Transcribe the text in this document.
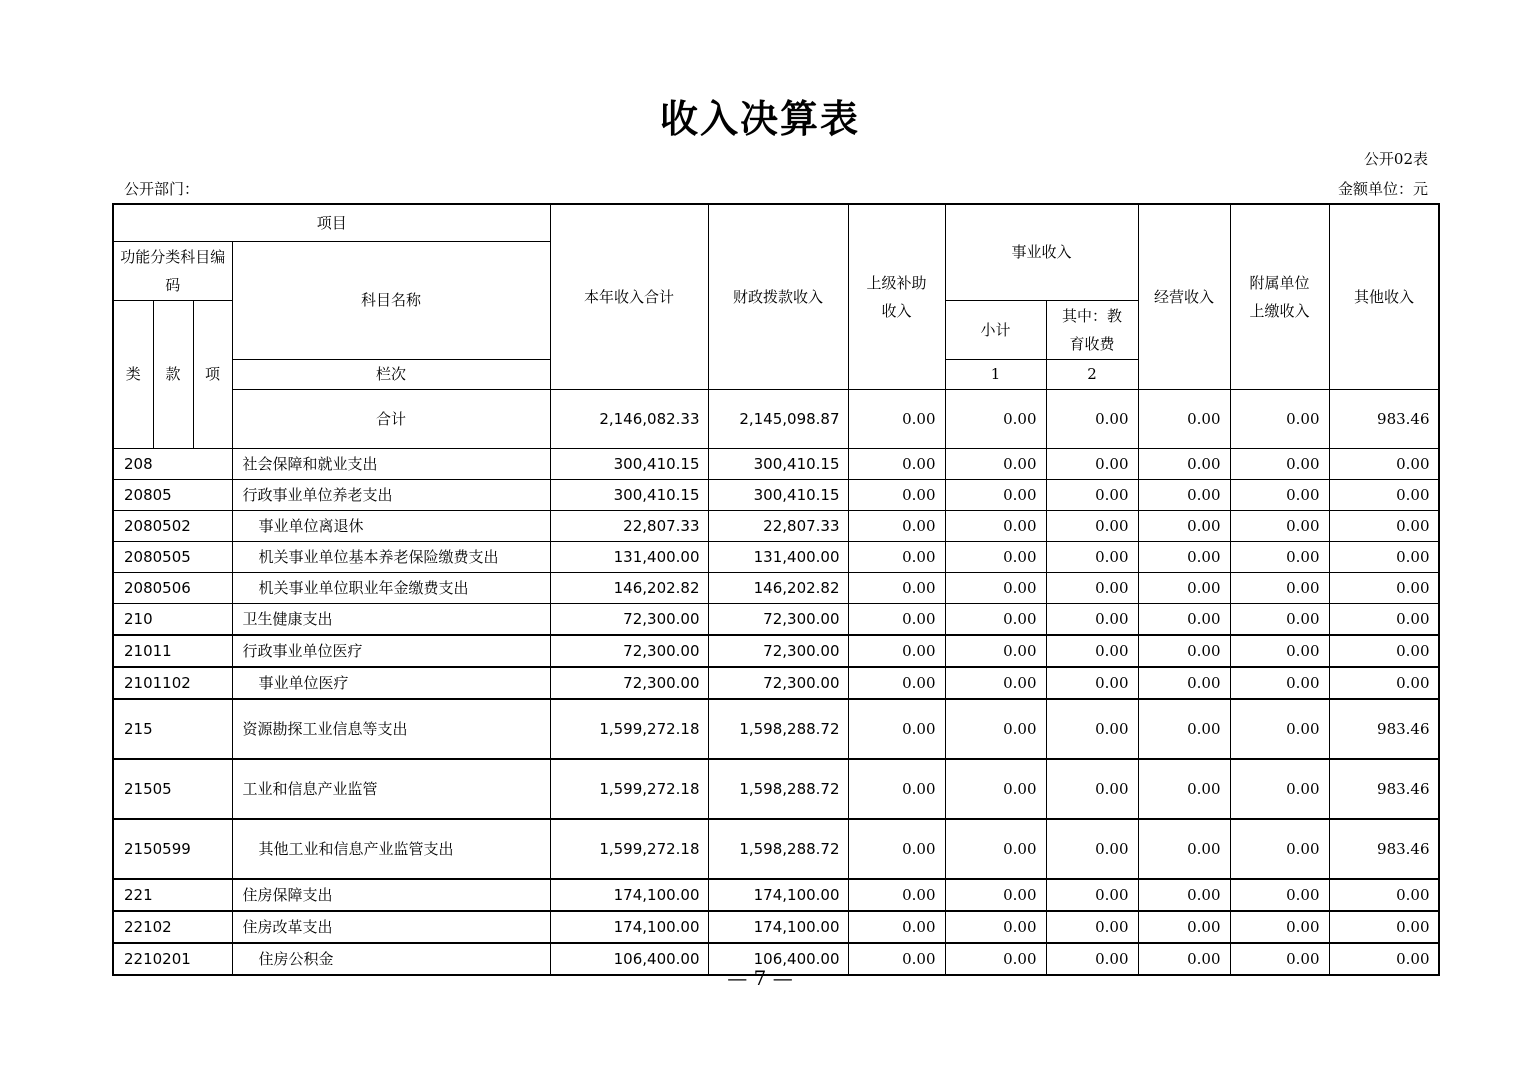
收入决算表
公开02表
公开部门：	金额单位：元
项目				本年收入合计	财政拨款收入	上级补助收入	事业收入		经营收入	附属单位上缴收入	其他收入	
功能分类科目编码			科目名称									
类	款	项					小计	其中：教育收费				
			栏次				1	2					
			合计	2,146,082.33	2,145,098.87	0.00	0.00	0.00	0.00	0.00	983.46	
208			社会保障和就业支出	300,410.15	300,410.15	0.00	0.00	0.00	0.00	0.00	0.00	
20805			行政事业单位养老支出	300,410.15	300,410.15	0.00	0.00	0.00	0.00	0.00	0.00	
2080502			事业单位离退休	22,807.33	22,807.33	0.00	0.00	0.00	0.00	0.00	0.00	
2080505			机关事业单位基本养老保险缴费支出	131,400.00	131,400.00	0.00	0.00	0.00	0.00	0.00	0.00	
2080506			机关事业单位职业年金缴费支出	146,202.82	146,202.82	0.00	0.00	0.00	0.00	0.00	0.00	
210			卫生健康支出	72,300.00	72,300.00	0.00	0.00	0.00	0.00	0.00	0.00	
21011			行政事业单位医疗	72,300.00	72,300.00	0.00	0.00	0.00	0.00	0.00	0.00	
2101102			事业单位医疗	72,300.00	72,300.00	0.00	0.00	0.00	0.00	0.00	0.00	
215			资源勘探工业信息等支出	1,599,272.18	1,598,288.72	0.00	0.00	0.00	0.00	0.00	983.46	
21505			工业和信息产业监管	1,599,272.18	1,598,288.72	0.00	0.00	0.00	0.00	0.00	983.46	
2150599			其他工业和信息产业监管支出	1,599,272.18	1,598,288.72	0.00	0.00	0.00	0.00	0.00	983.46	
221			住房保障支出	174,100.00	174,100.00	0.00	0.00	0.00	0.00	0.00	0.00	
22102			住房改革支出	174,100.00	174,100.00	0.00	0.00	0.00	0.00	0.00	0.00	
2210201			住房公积金	106,400.00	106,400.00	0.00	0.00	0.00	0.00	0.00	0.00	
— 7 —
